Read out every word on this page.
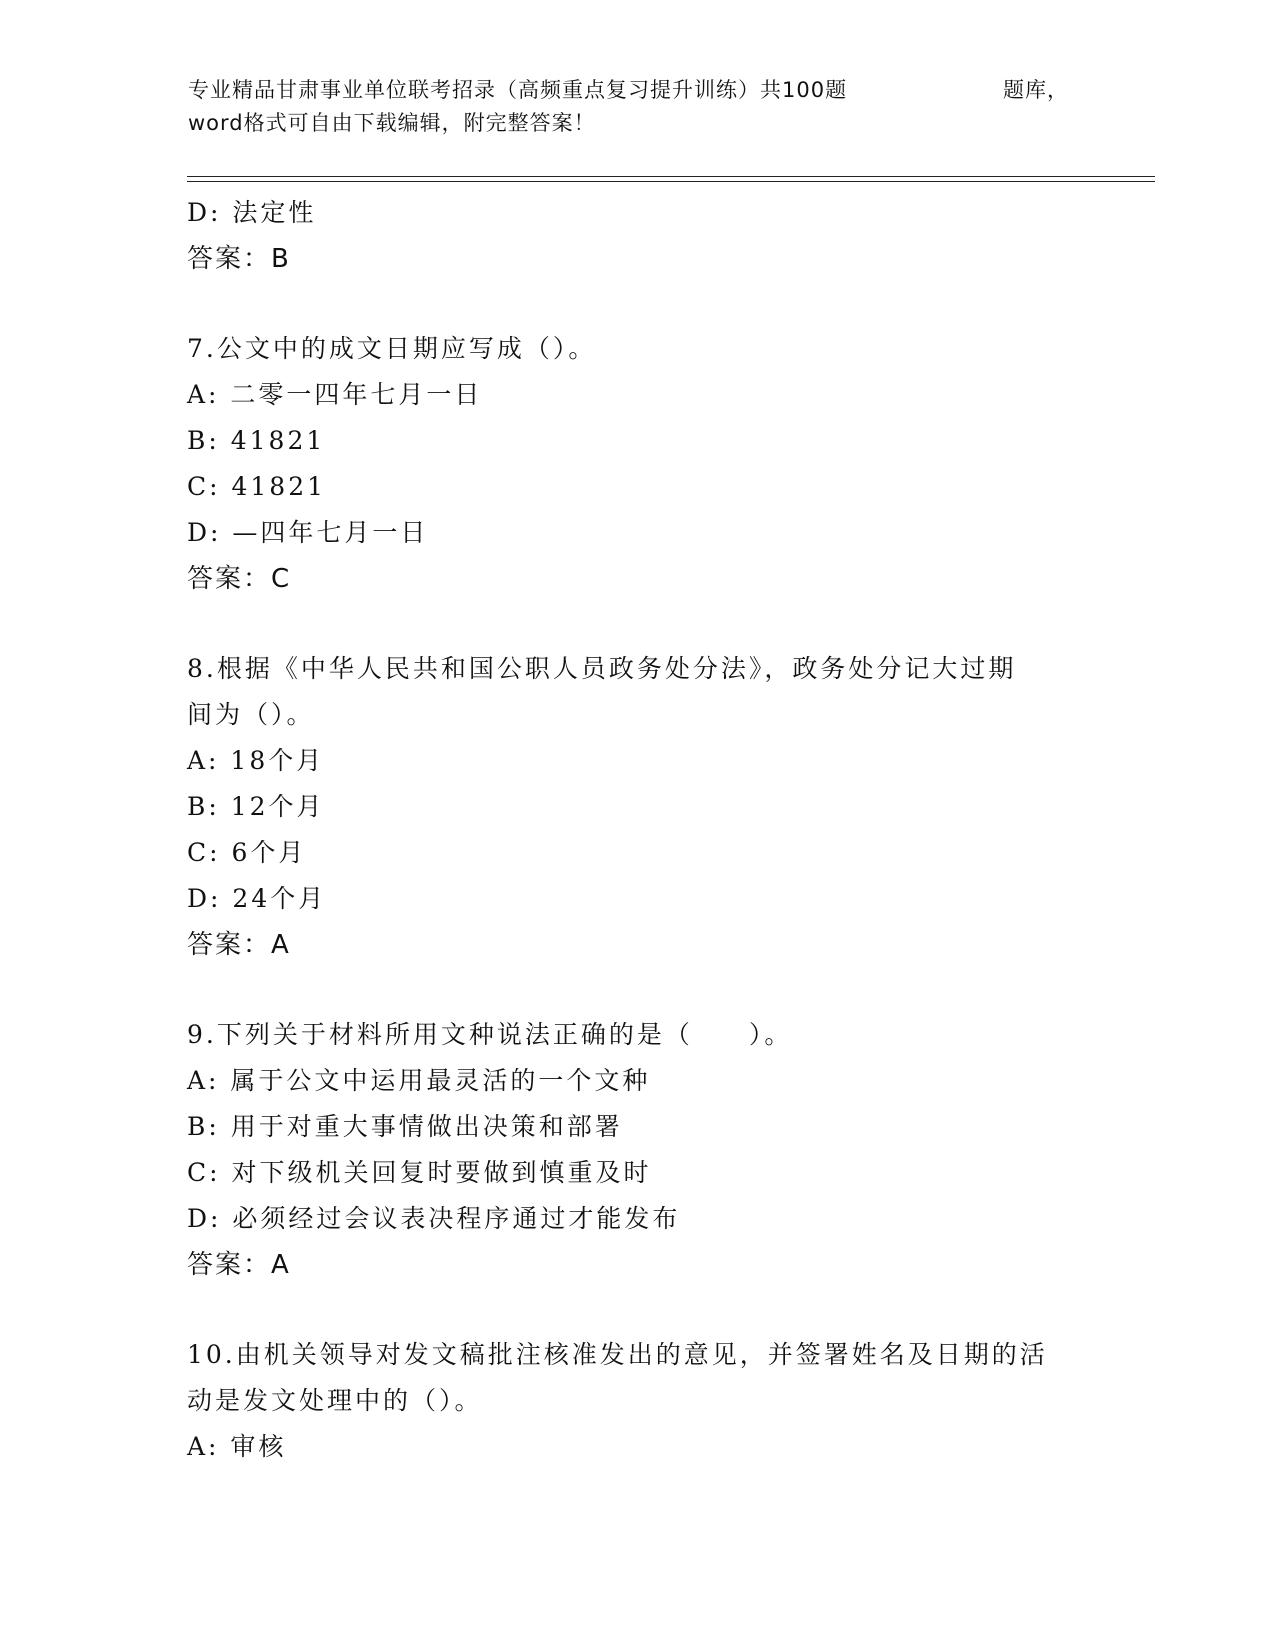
专业精品甘肃事业单位联考招录（高频重点复习提升训练）共100题	题库，
word格式可自由下载编辑，附完整答案！
D: 法定性
答案：B
7.公文中的成文日期应写成（）。
A: 二零一四年七月一日
B: 41821
C: 41821
D: —四年七月一日
答案：C
8.根据《中华人民共和国公职人员政务处分法》，政务处分记大过期
间为（）。
A: 18个月
B: 12个月
C: 6个月
D: 24个月
答案：A
9.下列关于材料所用文种说法正确的是（　　）。
A: 属于公文中运用最灵活的一个文种
B: 用于对重大事情做出决策和部署
C: 对下级机关回复时要做到慎重及时
D: 必须经过会议表决程序通过才能发布
答案：A
10.由机关领导对发文稿批注核准发出的意见，并签署姓名及日期的活
动是发文处理中的（）。
A: 审核
